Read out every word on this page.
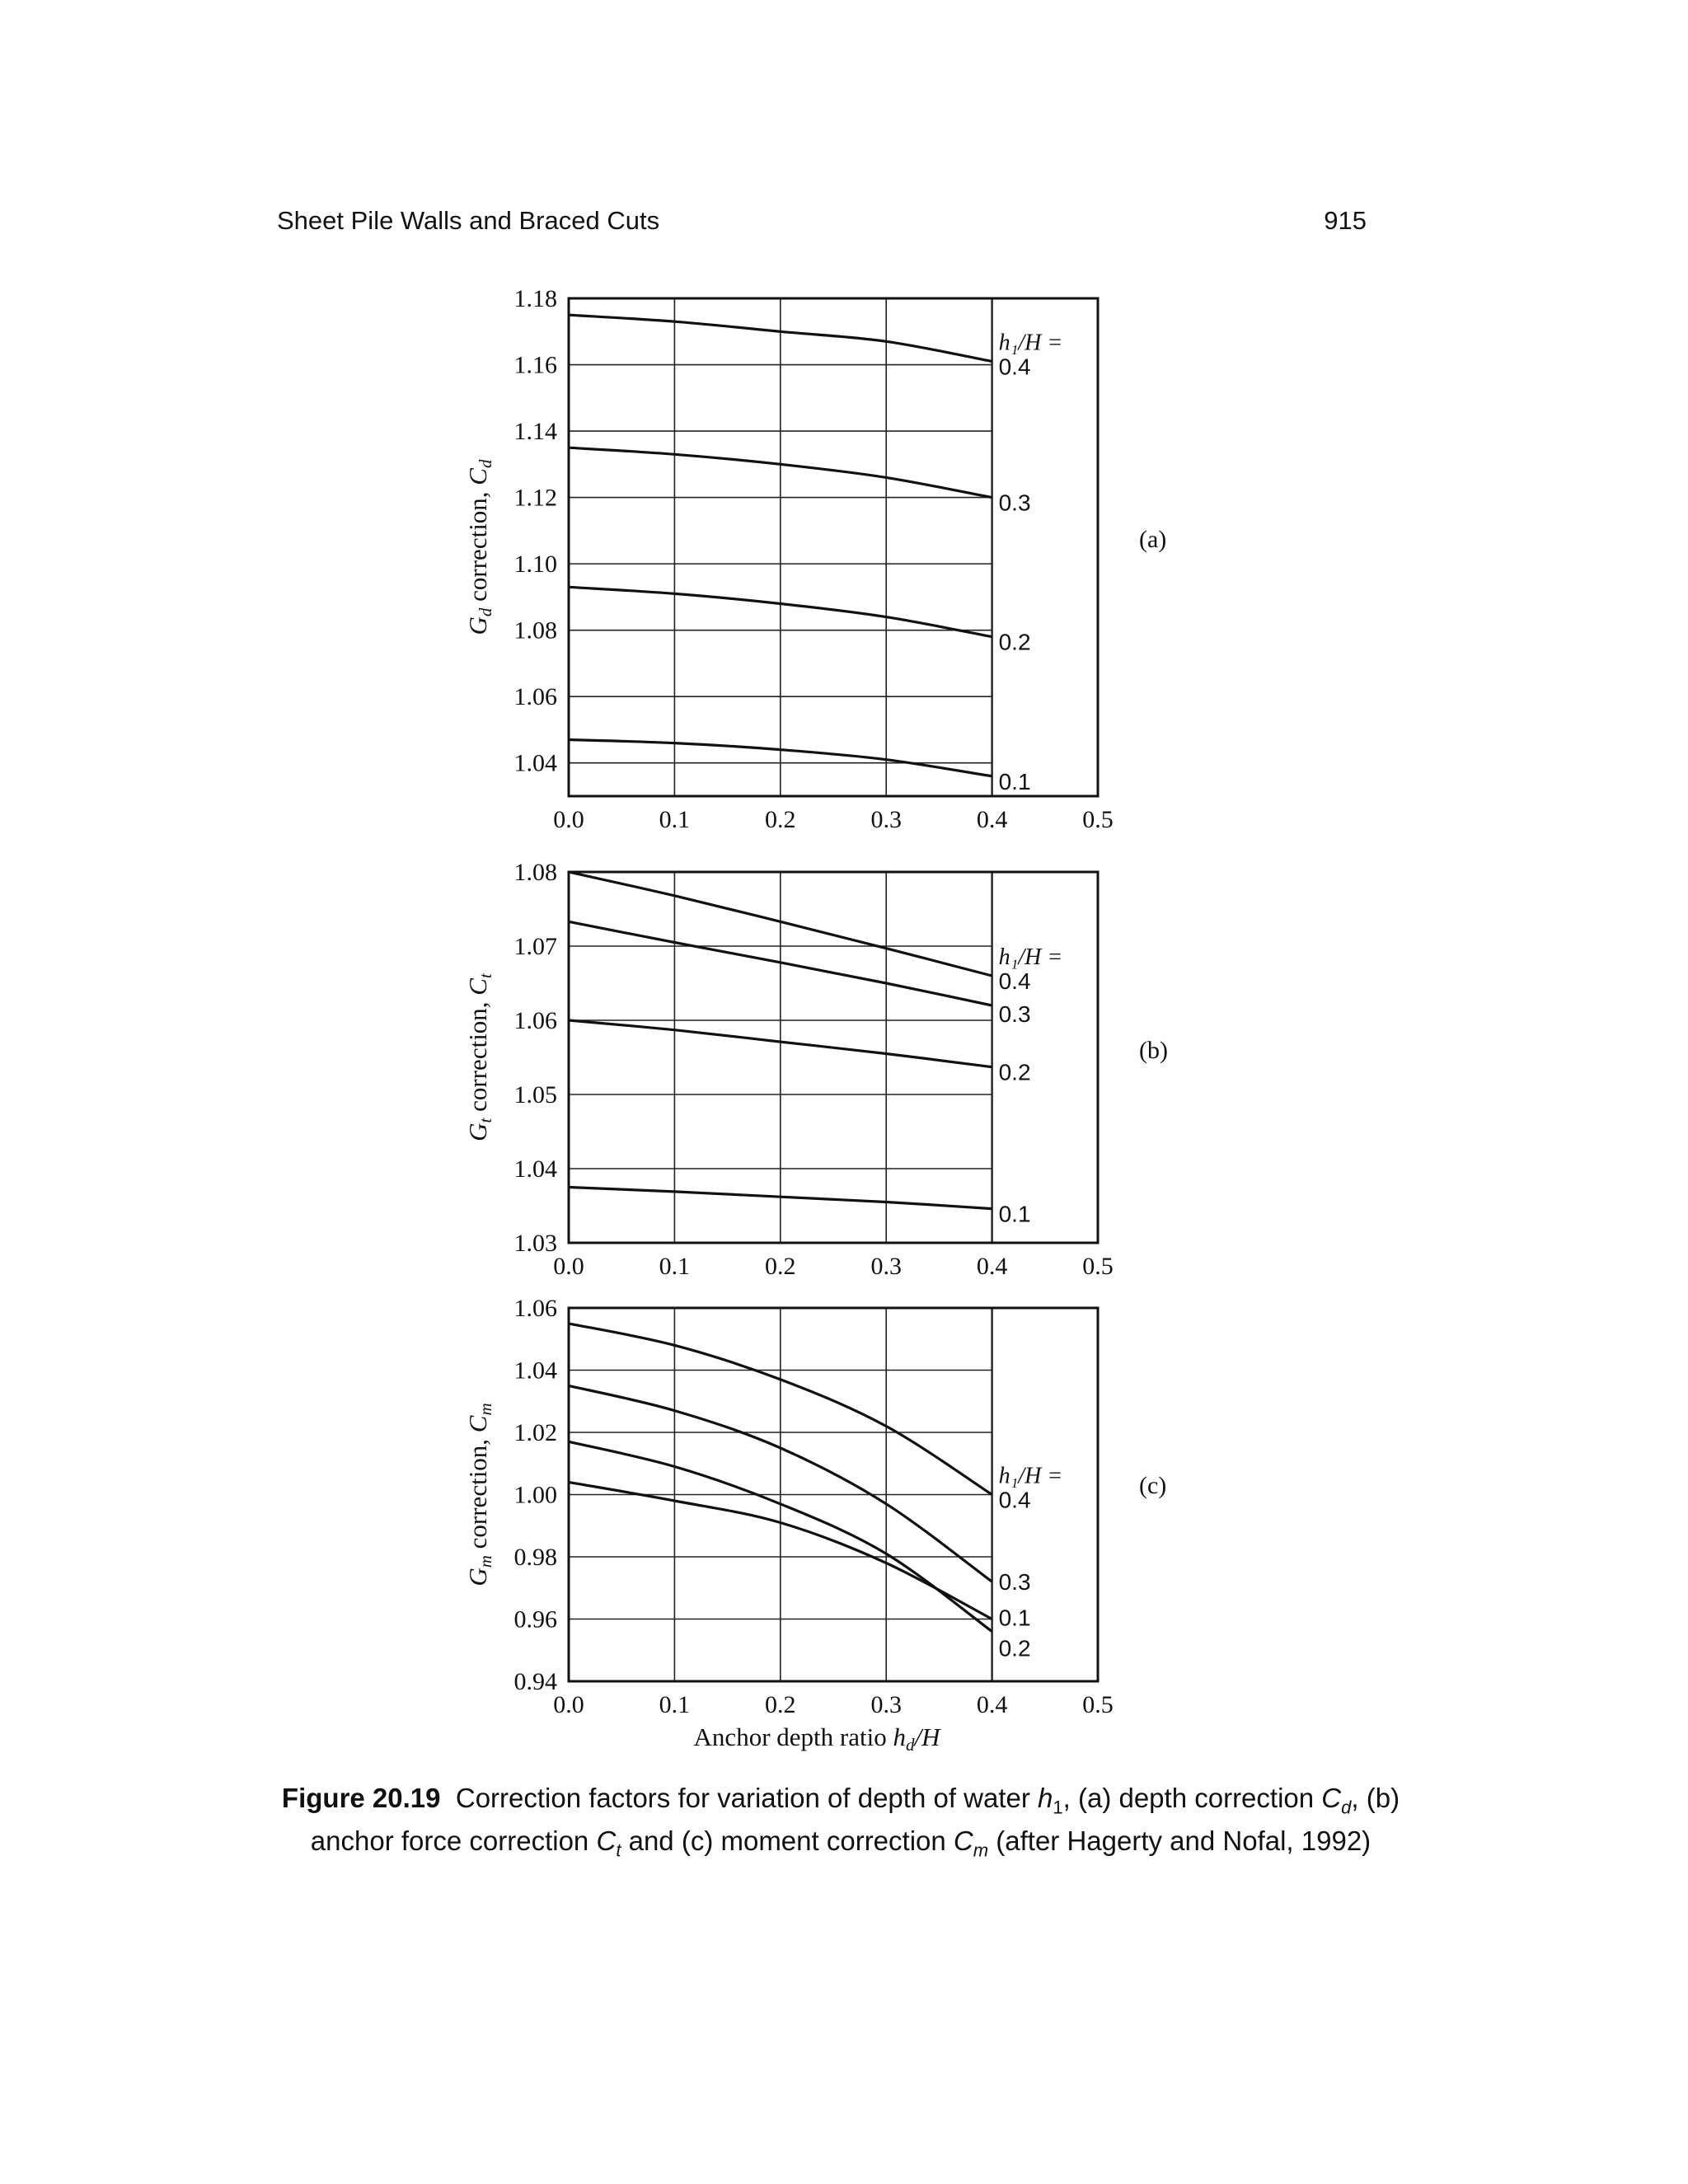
Sheet Pile Walls and Braced Cuts	915
0.0	0.1	0.2	0.3	0.4	0.5
1.04
1.06
1.08
1.10
1.12
1.14
1.16
1.18
Gd correction, Cd
0.4
0.3
0.2
0.1
h₁/H =
(a)
0.0	0.1	0.2	0.3	0.4	0.5
1.03
1.04
1.05
1.06
1.07
1.08
Gt correction, Ct	0.4
0.3
0.2
0.1
h₁/H =
(b)
0.0	0.1	0.2	0.3	0.4	0.5
0.94
0.96
0.98
1.00
1.02
1.04
1.06
Gm correction, Cm
0.4
0.3
0.2
0.1
h₁/H =	(c)
Anchor depth ratio hd/H
Figure 20.19 Correction factors for variation of depth of water $h_1$, (a) depth correction $C_d$, (b) anchor force correction $C_t$ and (c) moment correction $C_m$ (after Hagerty and Nofal, 1992)
